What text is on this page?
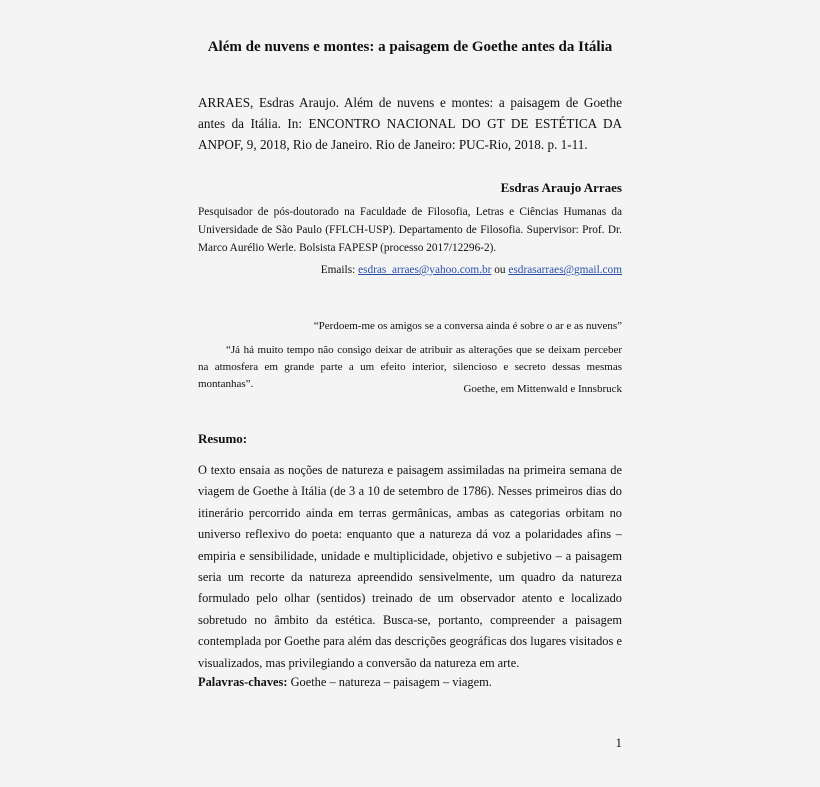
Além de nuvens e montes: a paisagem de Goethe antes da Itália
ARRAES, Esdras Araujo. Além de nuvens e montes: a paisagem de Goethe antes da Itália. In: ENCONTRO NACIONAL DO GT DE ESTÉTICA DA ANPOF, 9, 2018, Rio de Janeiro. Rio de Janeiro: PUC-Rio, 2018. p. 1-11.
Esdras Araujo Arraes
Pesquisador de pós-doutorado na Faculdade de Filosofia, Letras e Ciências Humanas da Universidade de São Paulo (FFLCH-USP). Departamento de Filosofia. Supervisor: Prof. Dr. Marco Aurélio Werle. Bolsista FAPESP (processo 2017/12296-2).
Emails: esdras_arraes@yahoo.com.br ou esdrasarraes@gmail.com
“Perdoem-me os amigos se a conversa ainda é sobre o ar e as nuvens”
“Já há muito tempo não consigo deixar de atribuir as alterações que se deixam perceber na atmosfera em grande parte a um efeito interior, silencioso e secreto dessas mesmas montanhas”.	Goethe, em Mittenwald e Innsbruck
Resumo:
O texto ensaia as noções de natureza e paisagem assimiladas na primeira semana de viagem de Goethe à Itália (de 3 a 10 de setembro de 1786). Nesses primeiros dias do itinerário percorrido ainda em terras germânicas, ambas as categorias orbitam no universo reflexivo do poeta: enquanto que a natureza dá voz a polaridades afins – empiria e sensibilidade, unidade e multiplicidade, objetivo e subjetivo – a paisagem seria um recorte da natureza apreendido sensivelmente, um quadro da natureza formulado pelo olhar (sentidos) treinado de um observador atento e localizado sobretudo no âmbito da estética. Busca-se, portanto, compreender a paisagem contemplada por Goethe para além das descrições geográficas dos lugares visitados e visualizados, mas privilegiando a conversão da natureza em arte.
Palavras-chaves: Goethe – natureza – paisagem – viagem.
1
